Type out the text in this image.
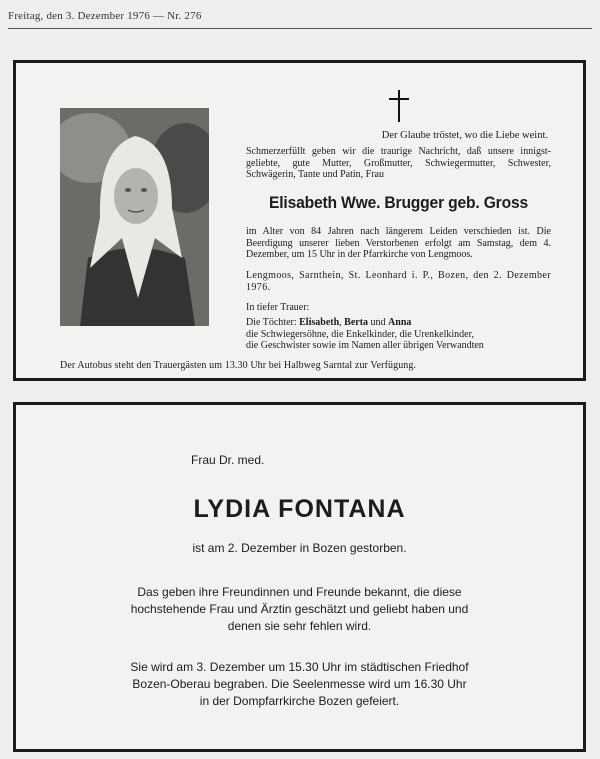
Freitag, den 3. Dezember 1976 — Nr. 276
Der Glaube tröstet, wo die Liebe weint.
Schmerzerfüllt geben wir die traurige Nachricht, daß unsere innigst-geliebte, gute Mutter, Großmutter, Schwiegermutter, Schwester, Schwägerin, Tante und Patin, Frau
Elisabeth Wwe. Brugger geb. Gross
im Alter von 84 Jahren nach längerem Leiden verschieden ist. Die Beerdigung unserer lieben Verstorbenen erfolgt am Samstag, dem 4. Dezember, um 15 Uhr in der Pfarrkirche von Lengmoos.
Lengmoos, Sarnthein, St. Leonhard i. P., Bozen, den 2. Dezember 1976.
In tiefer Trauer:
Die Töchter: Elisabeth, Berta und Anna
die Schwiegersöhne, die Enkelkinder, die Urenkelkinder,
die Geschwister sowie im Namen aller übrigen Verwandten
Der Autobus steht den Trauergästen um 13.30 Uhr bei Halbweg Sarntal zur Verfügung.
Frau Dr. med.
LYDIA FONTANA
ist am 2. Dezember in Bozen gestorben.
Das geben ihre Freundinnen und Freunde bekannt, die diese
hochstehende Frau und Ärztin geschätzt und geliebt haben und
denen sie sehr fehlen wird.
Sie wird am 3. Dezember um 15.30 Uhr im städtischen Friedhof
Bozen-Oberau begraben. Die Seelenmesse wird um 16.30 Uhr
in der Dompfarrkirche Bozen gefeiert.
